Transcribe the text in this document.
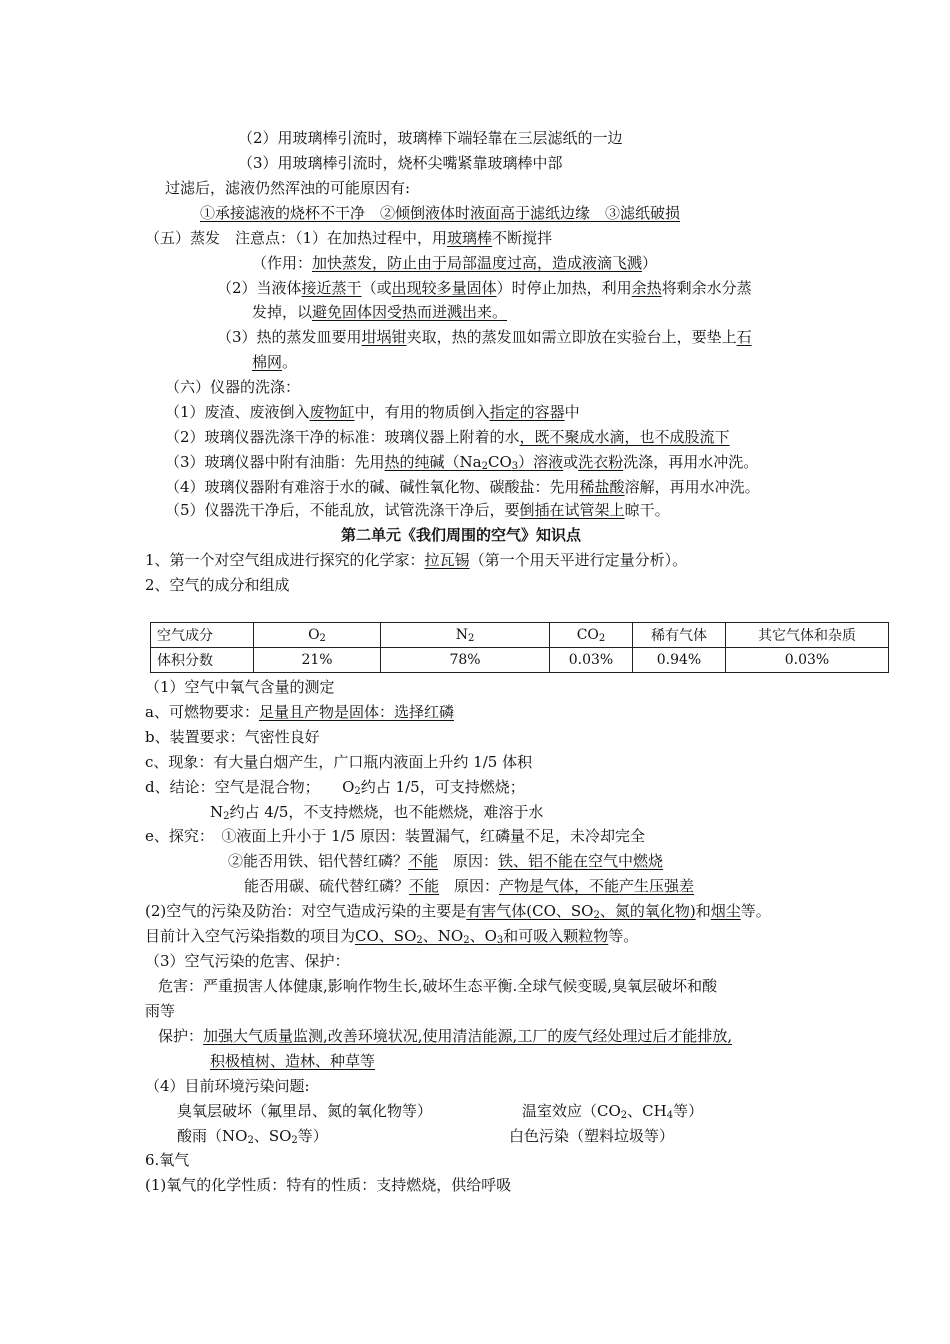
（2）用玻璃棒引流时，玻璃棒下端轻靠在三层滤纸的一边
（3）用玻璃棒引流时，烧杯尖嘴紧靠玻璃棒中部
过滤后，滤液仍然浑浊的可能原因有:
①承接滤液的烧杯不干净　②倾倒液体时液面高于滤纸边缘　③滤纸破损
（五）蒸发　注意点：（1）在加热过程中，用玻璃棒不断搅拌
（作用：加快蒸发，防止由于局部温度过高，造成液滴飞溅）
（2）当液体接近蒸干（或出现较多量固体）时停止加热，利用余热将剩余水分蒸
发掉，以避免固体因受热而迸溅出来。
（3）热的蒸发皿要用坩埚钳夹取，热的蒸发皿如需立即放在实验台上，要垫上石
棉网。
（六）仪器的洗涤：
（1）废渣、废液倒入废物缸中，有用的物质倒入指定的容器中
（2）玻璃仪器洗涤干净的标准：玻璃仪器上附着的水，既不聚成水滴，也不成股流下
（3）玻璃仪器中附有油脂：先用热的纯碱$(Na_2CO_3)$溶液或洗衣粉洗涤，再用水冲洗。
（4）玻璃仪器附有难溶于水的碱、碱性氧化物、碳酸盐：先用稀盐酸溶解，再用水冲洗。
（5）仪器洗干净后，不能乱放，试管洗涤干净后，要倒插在试管架上晾干。
第二单元《我们周围的空气》知识点
1、第一个对空气组成进行探究的化学家：拉瓦锡（第一个用天平进行定量分析）。
2、空气的成分和组成
空气成分	$O_2$	$N_2$	$CO_2$	稀有气体	其它气体和杂质
体积分数	21%	78%	0.03%	0.94%	0.03%
（1）空气中氧气含量的测定
a、可燃物要求：足量且产物是固体：选择红磷
b、装置要求：气密性良好
c、现象：有大量白烟产生，广口瓶内液面上升约 1/5 体积
d、结论：空气是混合物；　　$O_2$约占 1/5，可支持燃烧；
$N_2$约占 4/5，不支持燃烧，也不能燃烧，难溶于水
e、探究：　①液面上升小于 1/5 原因：装置漏气，红磷量不足，未冷却完全
②能否用铁、铝代替红磷？不能　原因：铁、铝不能在空气中燃烧
能否用碳、硫代替红磷？不能　原因：产物是气体，不能产生压强差
(2)空气的污染及防治：对空气造成污染的主要是有害气体(CO、$SO_2$、氮的氧化物)和烟尘等。
目前计入空气污染指数的项目为CO、$SO_2$、$NO_2$、$O_3$和可吸入颗粒物等。
（3）空气污染的危害、保护：
危害：严重损害人体健康,影响作物生长,破坏生态平衡.全球气候变暖,臭氧层破坏和酸
雨等
保护：加强大气质量监测,改善环境状况,使用清洁能源,工厂的废气经处理过后才能排放,
积极植树、造林、种草等
（4）目前环境污染问题:
臭氧层破坏（氟里昂、氮的氧化物等）	温室效应（$CO_2$、$CH_4$等）
酸雨（$NO_2$、$SO_2$等）	白色污染（塑料垃圾等）
6.氧气
(1)氧气的化学性质：特有的性质：支持燃烧，供给呼吸
